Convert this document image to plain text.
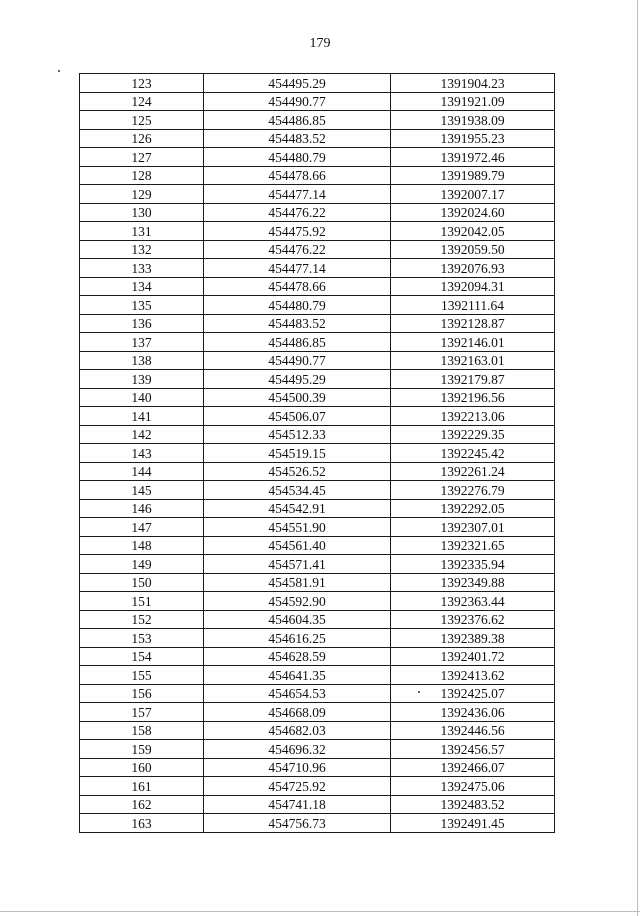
179
123	454495.29	1391904.23
124	454490.77	1391921.09
125	454486.85	1391938.09
126	454483.52	1391955.23
127	454480.79	1391972.46
128	454478.66	1391989.79
129	454477.14	1392007.17
130	454476.22	1392024.60
131	454475.92	1392042.05
132	454476.22	1392059.50
133	454477.14	1392076.93
134	454478.66	1392094.31
135	454480.79	1392111.64
136	454483.52	1392128.87
137	454486.85	1392146.01
138	454490.77	1392163.01
139	454495.29	1392179.87
140	454500.39	1392196.56
141	454506.07	1392213.06
142	454512.33	1392229.35
143	454519.15	1392245.42
144	454526.52	1392261.24
145	454534.45	1392276.79
146	454542.91	1392292.05
147	454551.90	1392307.01
148	454561.40	1392321.65
149	454571.41	1392335.94
150	454581.91	1392349.88
151	454592.90	1392363.44
152	454604.35	1392376.62
153	454616.25	1392389.38
154	454628.59	1392401.72
155	454641.35	1392413.62
156	454654.53	1392425.07
157	454668.09	1392436.06
158	454682.03	1392446.56
159	454696.32	1392456.57
160	454710.96	1392466.07
161	454725.92	1392475.06
162	454741.18	1392483.52
163	454756.73	1392491.45
